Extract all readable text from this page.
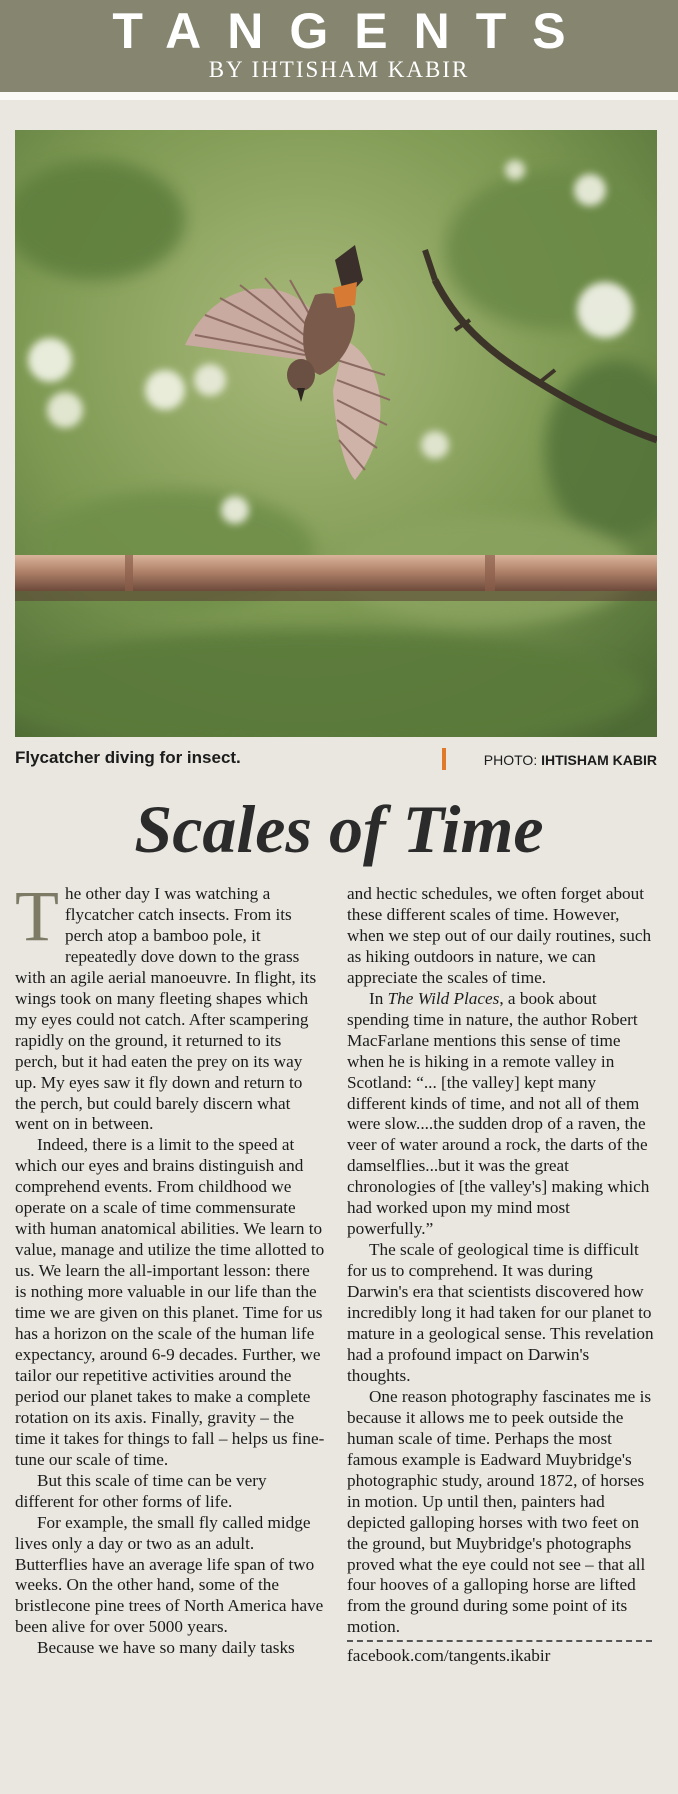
TANGENTS
BY IHTISHAM KABIR
Flycatcher diving for insect.	PHOTO: IHTISHAM KABIR
Scales of Time

The other day I was watching a flycatcher catch insects. From its perch atop a bamboo pole, it repeatedly dove down to the grass with an agile aerial manoeuvre. In flight, its wings took on many fleeting shapes which my eyes could not catch. After scampering rapidly on the ground, it returned to its perch, but it had eaten the prey on its way up. My eyes saw it fly down and return to the perch, but could barely discern what went on in between.

Indeed, there is a limit to the speed at which our eyes and brains distinguish and comprehend events. From childhood we operate on a scale of time commensurate with human anatomical abilities. We learn to value, manage and utilize the time allotted to us. We learn the all-important lesson: there is nothing more valuable in our life than the time we are given on this planet. Time for us has a horizon on the scale of the human life expectancy, around 6-9 decades. Further, we tailor our repetitive activities around the period our planet takes to make a complete rotation on its axis. Finally, gravity – the time it takes for things to fall – helps us fine-tune our scale of time.

But this scale of time can be very different for other forms of life.

For example, the small fly called midge lives only a day or two as an adult. Butterflies have an average life span of two weeks. On the other hand, some of the bristlecone pine trees of North America have been alive for over 5000 years.

Because we have so many daily tasks

and hectic schedules, we often forget about these different scales of time. However, when we step out of our daily routines, such as hiking outdoors in nature, we can appreciate the scales of time.

In The Wild Places, a book about spending time in nature, the author Robert MacFarlane mentions this sense of time when he is hiking in a remote valley in Scotland: “... [the valley] kept many different kinds of time, and not all of them were slow....the sudden drop of a raven, the veer of water around a rock, the darts of the damselflies...but it was the great chronologies of [the valley's] making which had worked upon my mind most powerfully.”

The scale of geological time is difficult for us to comprehend. It was during Darwin's era that scientists discovered how incredibly long it had taken for our planet to mature in a geological sense. This revelation had a profound impact on Darwin's thoughts.

One reason photography fascinates me is because it allows me to peek outside the human scale of time. Perhaps the most famous example is Eadward Muybridge's photographic study, around 1872, of horses in motion. Up until then, painters had depicted galloping horses with two feet on the ground, but Muybridge's photographs proved what the eye could not see – that all four hooves of a galloping horse are lifted from the ground during some point of its motion.

facebook.com/tangents.ikabir
